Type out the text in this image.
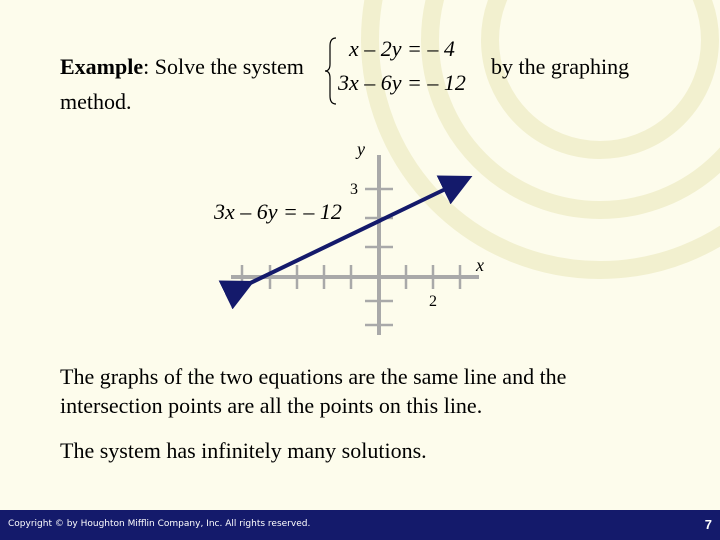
Example: Solve the system	by the graphing
method.
x – 2y = – 4
3x – 6y = – 12
3x – 6y = – 12
y
x
3
2
The graphs of the two equations are the same line and the
intersection points are all the points on this line.
The system has infinitely many solutions.
Copyright © by Houghton Mifflin Company, Inc. All rights reserved.	7
